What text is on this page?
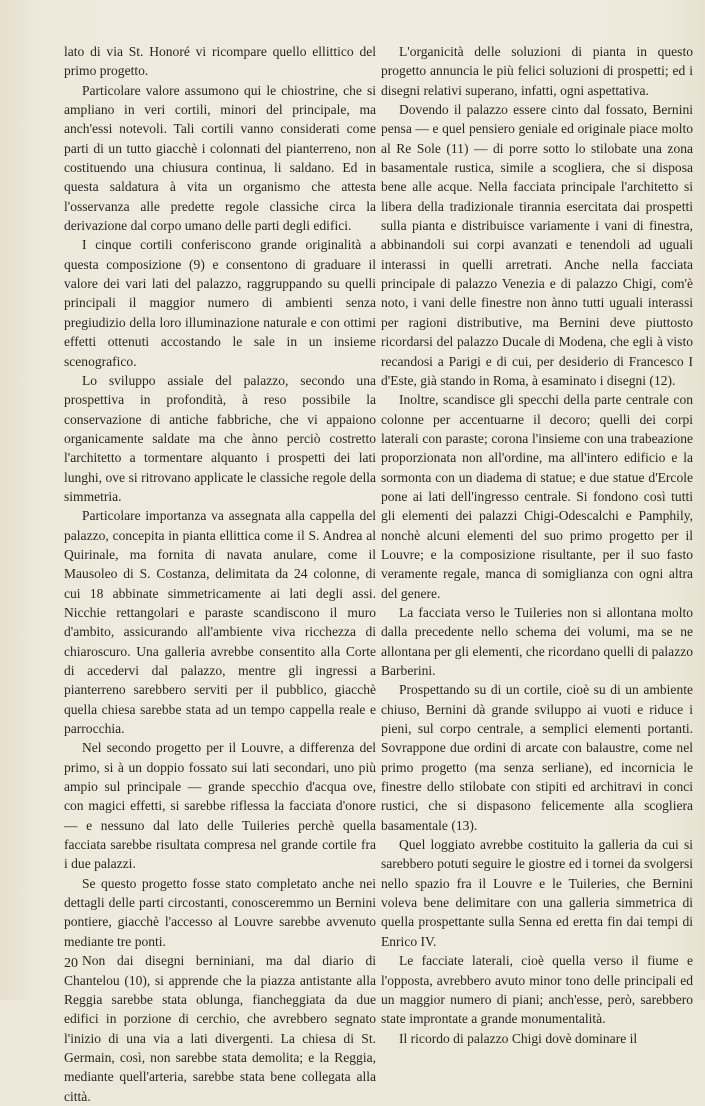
lato di via St. Honoré vi ricompare quello ellittico del primo progetto.

Particolare valore assumono qui le chiostrine, che si ampliano in veri cortili, minori del principale, ma anch'essi notevoli. Tali cortili vanno considerati come parti di un tutto giacchè i colonnati del pianterreno, non costituendo una chiusura continua, li saldano. Ed in questa saldatura à vita un organismo che attesta l'osservanza alle predette regole classiche circa la derivazione dal corpo umano delle parti degli edifici.

I cinque cortili conferiscono grande originalità a questa composizione (9) e consentono di graduare il valore dei vari lati del palazzo, raggruppando su quelli principali il maggior numero di ambienti senza pregiudizio della loro illuminazione naturale e con ottimi effetti ottenuti accostando le sale in un insieme scenografico.

Lo sviluppo assiale del palazzo, secondo una prospettiva in profondità, à reso possibile la conservazione di antiche fabbriche, che vi appaiono organicamente saldate ma che ànno perciò costretto l'architetto a tormentare alquanto i prospetti dei lati lunghi, ove si ritrovano applicate le classiche regole della simmetria.

Particolare importanza va assegnata alla cappella del palazzo, concepita in pianta ellittica come il S. Andrea al Quirinale, ma fornita di navata anulare, come il Mausoleo di S. Costanza, delimitata da 24 colonne, di cui 18 abbinate simmetricamente ai lati degli assi. Nicchie rettangolari e paraste scandiscono il muro d'ambito, assicurando all'ambiente viva ricchezza di chiaroscuro. Una galleria avrebbe consentito alla Corte di accedervi dal palazzo, mentre gli ingressi a pianterreno sarebbero serviti per il pubblico, giacchè quella chiesa sarebbe stata ad un tempo cappella reale e parrocchia.

Nel secondo progetto per il Louvre, a differenza del primo, si à un doppio fossato sui lati secondari, uno più ampio sul principale — grande specchio d'acqua ove, con magici effetti, si sarebbe riflessa la facciata d'onore — e nessuno dal lato delle Tuileries perchè quella facciata sarebbe risultata compresa nel grande cortile fra i due palazzi.

Se questo progetto fosse stato completato anche nei dettagli delle parti circostanti, conosceremmo un Bernini pontiere, giacchè l'accesso al Louvre sarebbe avvenuto mediante tre ponti.

Non dai disegni berniniani, ma dal diario di Chantelou (10), si apprende che la piazza antistante alla Reggia sarebbe stata oblunga, fiancheggiata da due edifici in porzione di cerchio, che avrebbero segnato l'inizio di una via a lati divergenti. La chiesa di St. Germain, così, non sarebbe stata demolita; e la Reggia, mediante quell'arteria, sarebbe stata bene collegata alla città.

L'organicità delle soluzioni di pianta in questo progetto annuncia le più felici soluzioni di prospetti; ed i disegni relativi superano, infatti, ogni aspettativa.

Dovendo il palazzo essere cinto dal fossato, Bernini pensa — e quel pensiero geniale ed originale piace molto al Re Sole (11) — di porre sotto lo stilobate una zona basamentale rustica, simile a scogliera, che si disposa bene alle acque. Nella facciata principale l'architetto si libera della tradizionale tirannia esercitata dai prospetti sulla pianta e distribuisce variamente i vani di finestra, abbinandoli sui corpi avanzati e tenendoli ad uguali interassi in quelli arretrati. Anche nella facciata principale di palazzo Venezia e di palazzo Chigi, com'è noto, i vani delle finestre non ànno tutti uguali interassi per ragioni distributive, ma Bernini deve piuttosto ricordarsi del palazzo Ducale di Modena, che egli à visto recandosi a Parigi e di cui, per desiderio di Francesco I d'Este, già stando in Roma, à esaminato i disegni (12).

Inoltre, scandisce gli specchi della parte centrale con colonne per accentuarne il decoro; quelli dei corpi laterali con paraste; corona l'insieme con una trabeazione proporzionata non all'ordine, ma all'intero edificio e la sormonta con un diadema di statue; e due statue d'Ercole pone ai lati dell'ingresso centrale. Si fondono così tutti gli elementi dei palazzi Chigi-Odescalchi e Pamphily, nonchè alcuni elementi del suo primo progetto per il Louvre; e la composizione risultante, per il suo fasto veramente regale, manca di somiglianza con ogni altra del genere.

La facciata verso le Tuileries non si allontana molto dalla precedente nello schema dei volumi, ma se ne allontana per gli elementi, che ricordano quelli di palazzo Barberini.

Prospettando su di un cortile, cioè su di un ambiente chiuso, Bernini dà grande sviluppo ai vuoti e riduce i pieni, sul corpo centrale, a semplici elementi portanti. Sovrappone due ordini di arcate con balaustre, come nel primo progetto (ma senza serliane), ed incornicia le finestre dello stilobate con stipiti ed architravi in conci rustici, che si dispasono felicemente alla scogliera basamentale (13).

Quel loggiato avrebbe costituito la galleria da cui si sarebbero potuti seguire le giostre ed i tornei da svolgersi nello spazio fra il Louvre e le Tuileries, che Bernini voleva bene delimitare con una galleria simmetrica di quella prospettante sulla Senna ed eretta fin dai tempi di Enrico IV.

Le facciate laterali, cioè quella verso il fiume e l'opposta, avrebbero avuto minor tono delle principali ed un maggior numero di piani; anch'esse, però, sarebbero state improntate a grande monumentalità.

Il ricordo di palazzo Chigi dovè dominare il

20
